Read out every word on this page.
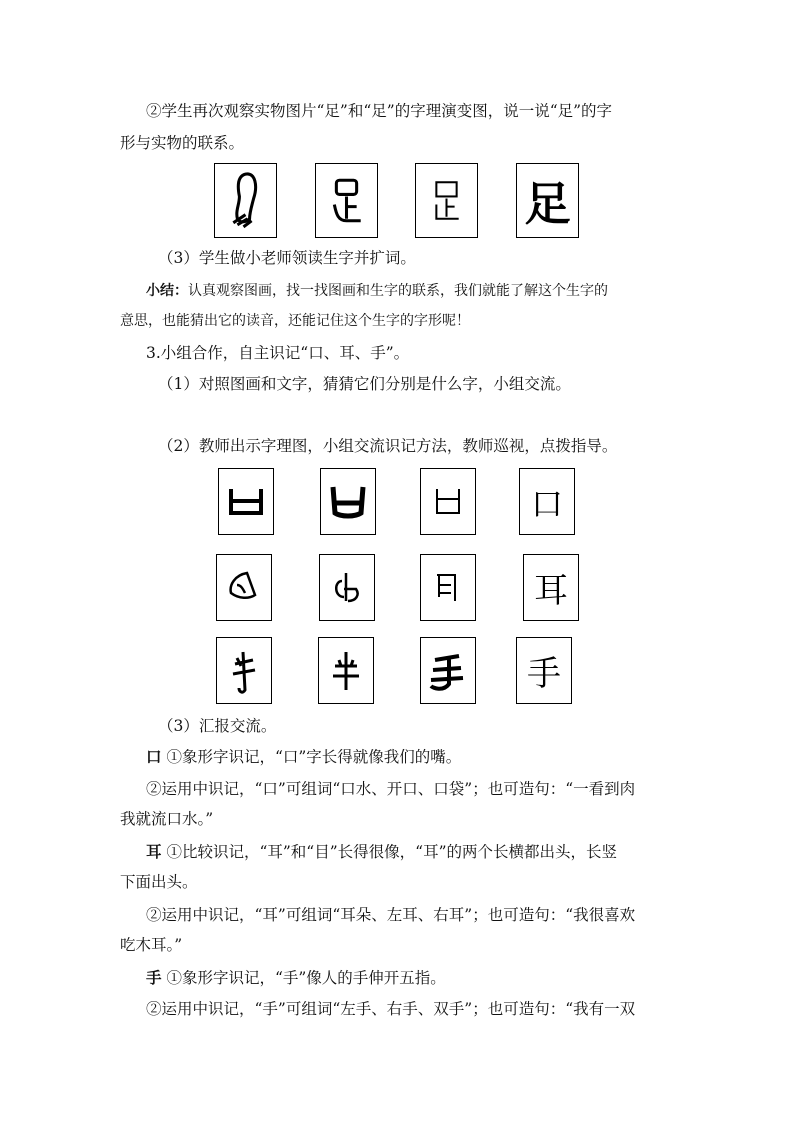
②学生再次观察实物图片“足”和“足”的字理演变图，说一说“足”的字
形与实物的联系。
足
（3）学生做小老师领读生字并扩词。
小结：认真观察图画，找一找图画和生字的联系，我们就能了解这个生字的
意思，也能猜出它的读音，还能记住这个生字的字形呢！
3.小组合作，自主识记“口、耳、手”。
（1）对照图画和文字，猜猜它们分别是什么字，小组交流。
（2）教师出示字理图，小组交流识记方法，教师巡视，点拨指导。
口
耳
手
（3）汇报交流。
口 ①象形字识记，“口”字长得就像我们的嘴。
②运用中识记，“口”可组词“口水、开口、口袋”；也可造句：“一看到肉
我就流口水。”
耳 ①比较识记，“耳”和“目”长得很像，“耳”的两个长横都出头，长竖
下面出头。
②运用中识记，“耳”可组词“耳朵、左耳、右耳”；也可造句：“我很喜欢
吃木耳。”
手 ①象形字识记，“手”像人的手伸开五指。
②运用中识记，“手”可组词“左手、右手、双手”；也可造句：“我有一双
